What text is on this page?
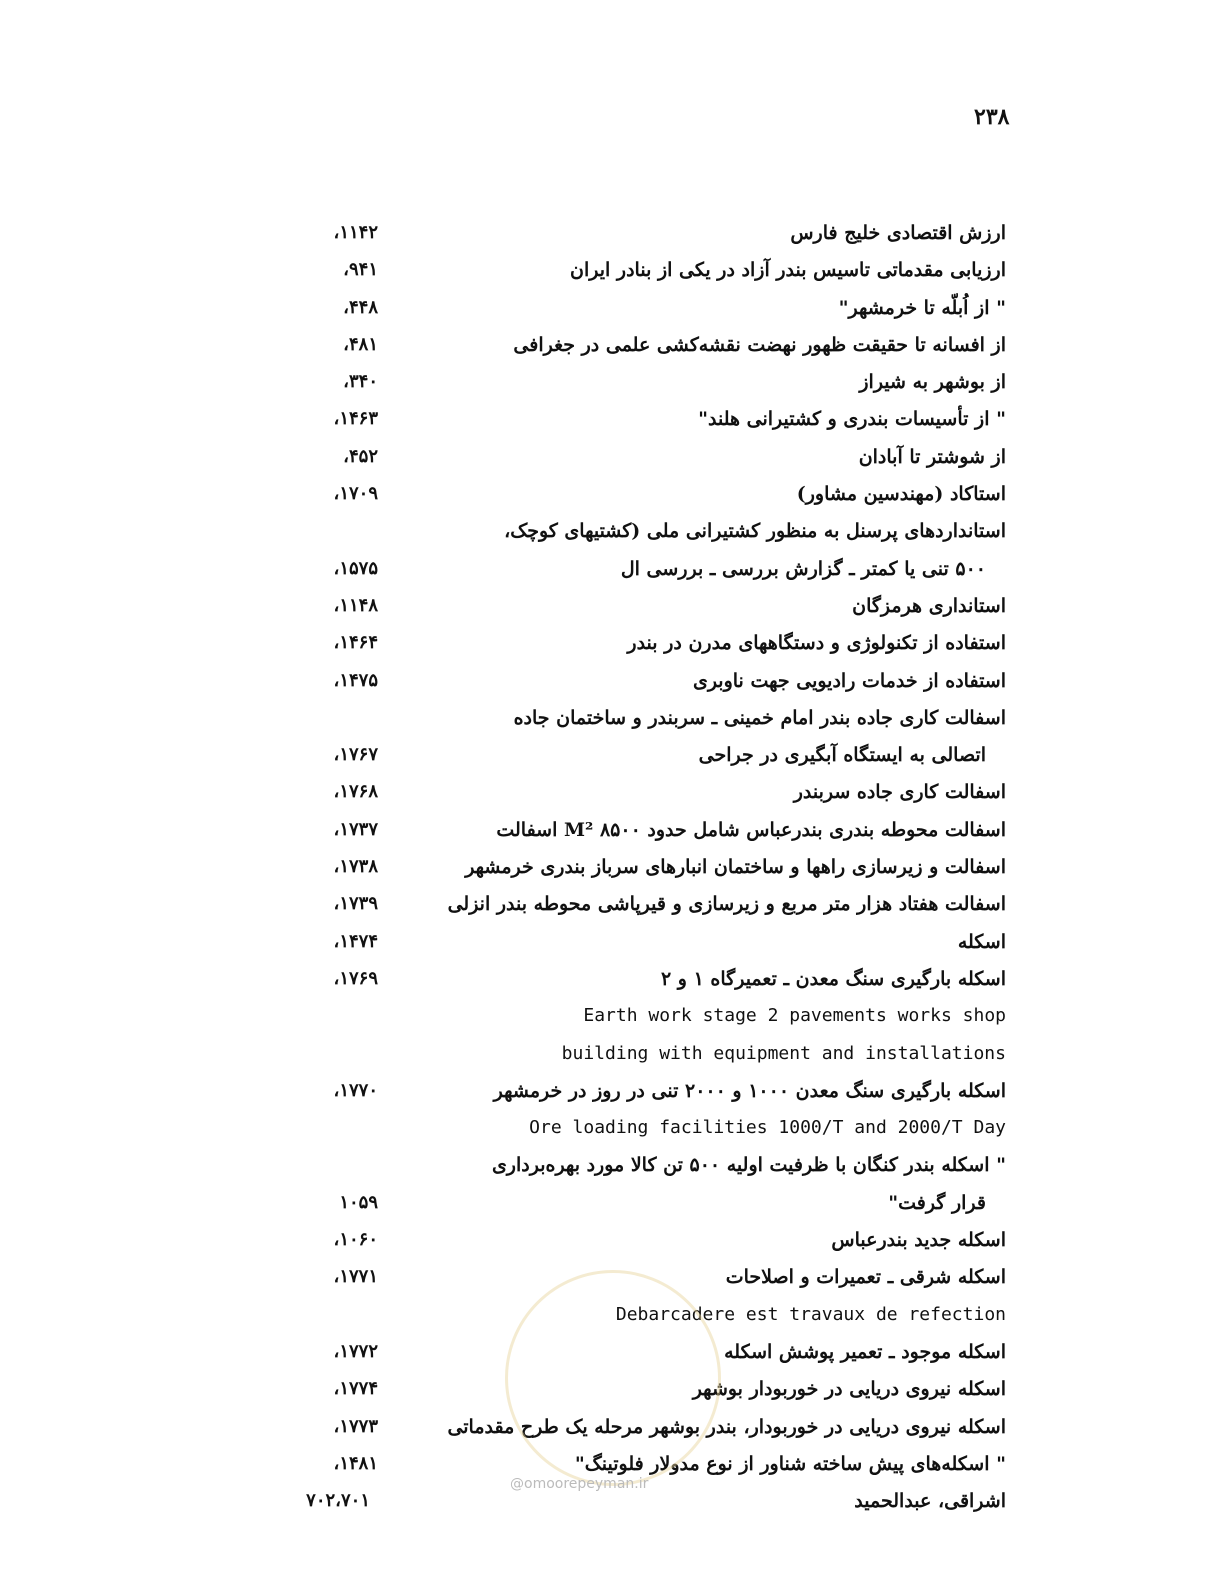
۲۳۸
ارزش اقتصادی خلیج فارس
۱۱۴۲،
ارزیابی مقدماتی تاسیس بندر آزاد در یکی از بنادر ایران
۹۴۱،
" از اُبلّه تا خرمشهر"
۴۴۸،
از افسانه تا حقیقت ظهور نهضت نقشه‌کشی علمی در جغرافی
۴۸۱،
از بوشهر به شیراز
۳۴۰،
" از تأسیسات بندری و کشتیرانی هلند"
۱۴۶۳،
از شوشتر تا آبادان
۴۵۲،
استاکاد (مهندسین مشاور)
۱۷۰۹،
استانداردهای پرسنل به منظور کشتیرانی ملی (کشتیهای کوچک،
۵۰۰ تنی یا کمتر ـ گزارش بررسی ـ بررسی ال
۱۵۷۵،
استانداری هرمزگان
۱۱۴۸،
استفاده از تکنولوژی و دستگاههای مدرن در بندر
۱۴۶۴،
استفاده از خدمات رادیویی جهت ناوبری
۱۴۷۵،
اسفالت کاری جاده بندر امام خمینی ـ سربندر و ساختمان جاده
اتصالی به ایستگاه آبگیری در جراحی
۱۷۶۷،
اسفالت کاری جاده سربندر
۱۷۶۸،
اسفالت محوطه بندری بندرعباس شامل حدود M² ۸۵۰۰ اسفالت
۱۷۳۷،
اسفالت و زیرسازی راهها و ساختمان انبارهای سرباز بندری خرمشهر
۱۷۳۸،
اسفالت هفتاد هزار متر مربع و زیرسازی و قیرپاشی محوطه بندر انزلی
۱۷۳۹،
اسکله
۱۴۷۴،
اسکله بارگیری سنگ معدن ـ تعمیرگاه ۱ و ۲
۱۷۶۹،
Earth work stage 2 pavements works shop
building with equipment and installations
اسکله بارگیری سنگ معدن ۱۰۰۰ و ۲۰۰۰ تنی در روز در خرمشهر
۱۷۷۰،
Ore loading facilities 1000/T and 2000/T Day
" اسکله بندر کنگان با ظرفیت اولیه ۵۰۰ تن کالا مورد بهره‌برداری
قرار گرفت"
۱۰۵۹
اسکله جدید بندرعباس
۱۰۶۰،
اسکله شرقی ـ تعمیرات و اصلاحات
۱۷۷۱،
Debarcadere est travaux de refection
اسکله موجود ـ تعمیر پوشش اسکله
۱۷۷۲،
اسکله نیروی دریایی در خوربودار بوشهر
۱۷۷۴،
اسکله نیروی دریایی در خوربودار، بندر بوشهر مرحله یک طرح مقدماتی
۱۷۷۳،
" اسکله‌های پیش ساخته شناور از نوع مدولار فلوتینگ"
۱۴۸۱،
اشراقی، عبدالحمید
۷۰۲،۷۰۱
@omoorepeyman.ir
